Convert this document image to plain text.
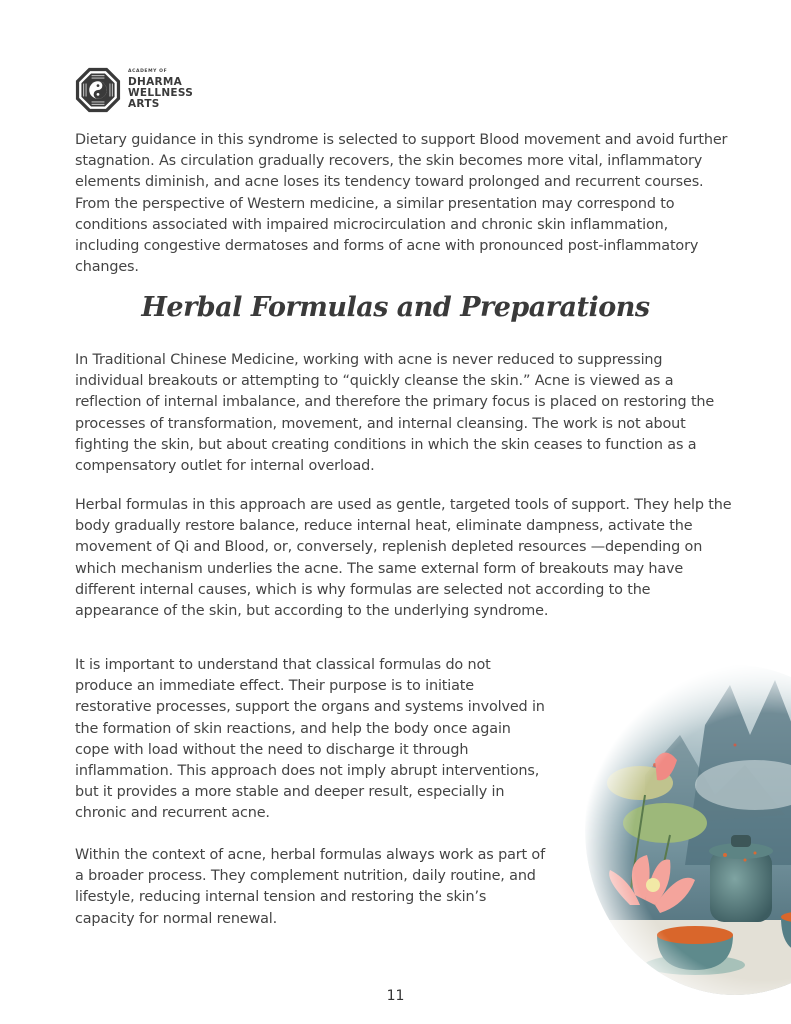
ACADEMY OF
DHARMA
WELLNESS
ARTS

Dietary guidance in this syndrome is selected to support Blood movement and avoid further stagnation. As circulation gradually recovers, the skin becomes more vital, inflammatory elements diminish, and acne loses its tendency toward prolonged and recurrent courses. From the perspective of Western medicine, a similar presentation may correspond to conditions associated with impaired microcirculation and chronic skin inflammation, including congestive dermatoses and forms of acne with pronounced post-inflammatory changes.

Herbal Formulas and Preparations

In Traditional Chinese Medicine, working with acne is never reduced to suppressing individual breakouts or attempting to “quickly cleanse the skin.” Acne is viewed as a reflection of internal imbalance, and therefore the primary focus is placed on restoring the processes of transformation, movement, and internal cleansing. The work is not about fighting the skin, but about creating conditions in which the skin ceases to function as a compensatory outlet for internal overload.

Herbal formulas in this approach are used as gentle, targeted tools of support. They help the body gradually restore balance, reduce internal heat, eliminate dampness, activate the movement of Qi and Blood, or, conversely, replenish depleted resources —depending on which mechanism underlies the acne. The same external form of breakouts may have different internal causes, which is why formulas are selected not according to the appearance of the skin, but according to the underlying syndrome.

It is important to understand that classical formulas do not produce an immediate effect. Their purpose is to initiate restorative processes, support the organs and systems involved in the formation of skin reactions, and help the body once again cope with load without the need to discharge it through inflammation. This approach does not imply abrupt interventions, but it provides a more stable and deeper result, especially in chronic and recurrent acne.

Within the context of acne, herbal formulas always work as part of a broader process. They complement nutrition, daily routine, and lifestyle, reducing internal tension and restoring the skin’s capacity for normal renewal.

11
